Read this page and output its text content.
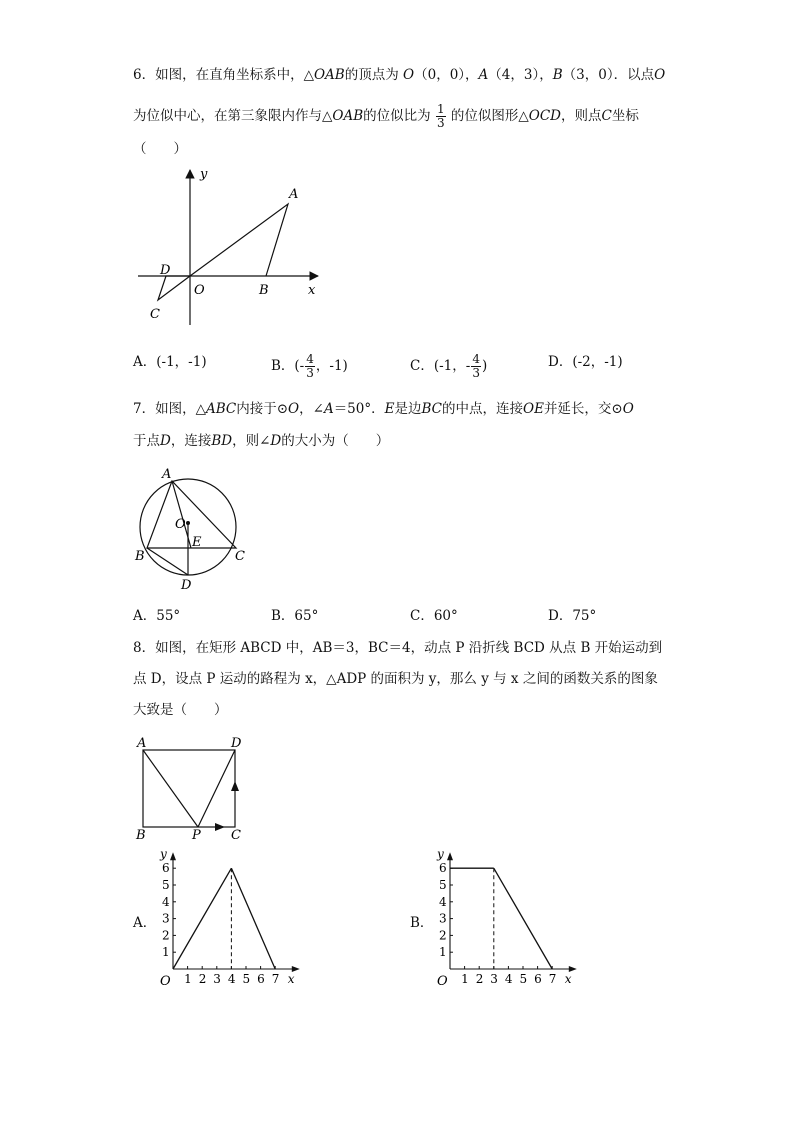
6．如图，在直角坐标系中，△OAB的顶点为 O（0，0），A（4，3），B（3，0）．以点O
为位似中心，在第三象限内作与△OAB的位似比为 $\frac{1}{3}$ 的位似图形△OCD，则点C坐标
（　　）
y
x
A
B
O
D
C
A．(-1，-1)	B．(- $\frac{4}{3}$ ，-1)	C．(-1，- $\frac{4}{3}$ )	D．(-2，-1)
7．如图，△ABC内接于⊙O，∠A＝50°．E是边BC的中点，连接OE并延长，交⊙O
于点D，连接BD，则∠D的大小为（　　）
A
O
E
B	C
D
A．55°	B．65°	C．60°	D．75°
8．如图，在矩形 ABCD 中，AB＝3，BC＝4，动点 P 沿折线 BCD 从点 B 开始运动到
点 D，设点 P 运动的路程为 x，△ADP 的面积为 y，那么 y 与 x 之间的函数关系的图象
大致是（　　）
A	D
B	P C
A．
1 2 3 4 5 6 7
1
2
3
4
5
6
y
x
O
B．
1 2 3 4 5 6 7
1
2
3
4
5
6
y
x
O
